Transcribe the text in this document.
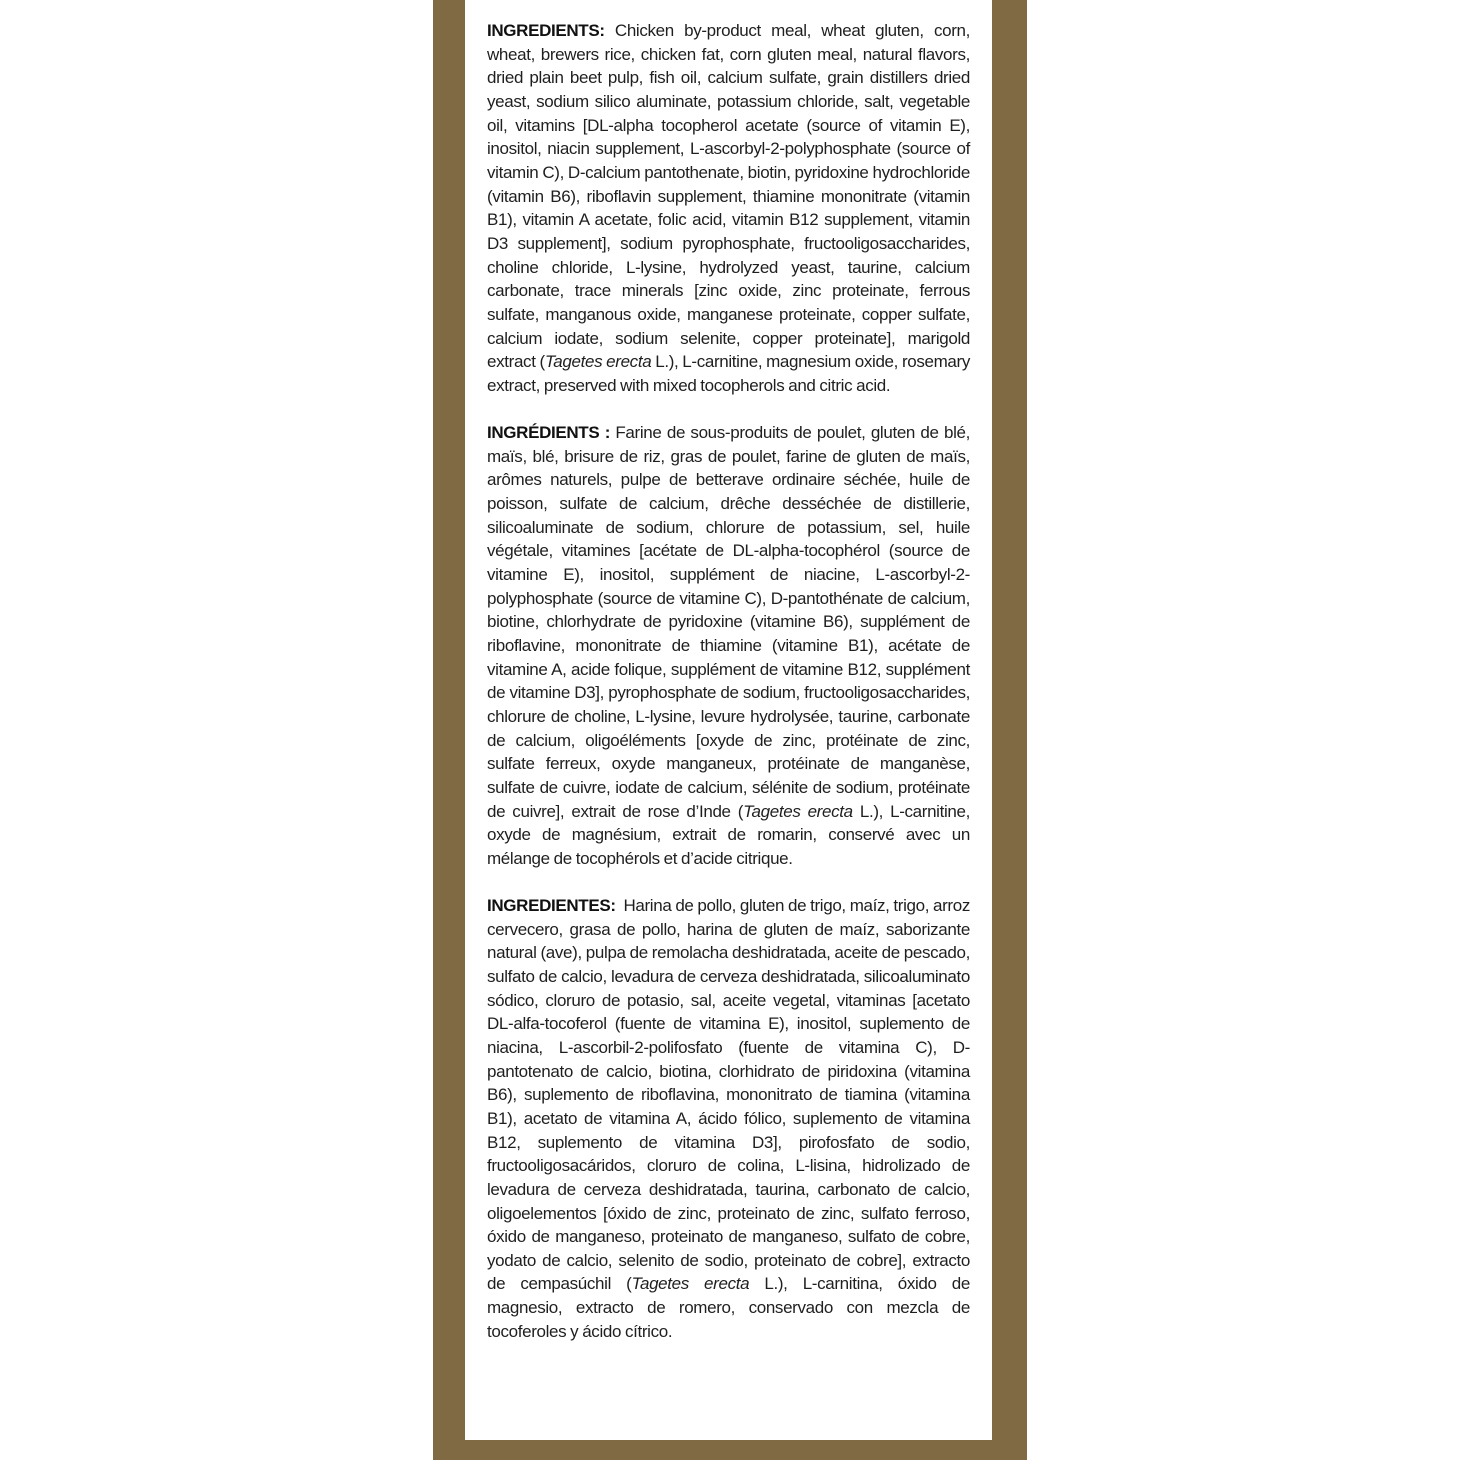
INGREDIENTS: Chicken by-product meal, wheat gluten, corn, wheat, brewers rice, chicken fat, corn gluten meal, natural flavors, dried plain beet pulp, fish oil, calcium sulfate, grain distillers dried yeast, sodium silico aluminate, potassium chloride, salt, vegetable oil, vitamins [DL-alpha tocopherol acetate (source of vitamin E), inositol, niacin supplement, L-ascorbyl-2-polyphosphate (source of vitamin C), D-calcium pantothenate, biotin, pyridoxine hydrochloride (vitamin B6), riboflavin supplement, thiamine mononitrate (vitamin B1), vitamin A acetate, folic acid, vitamin B12 supplement, vitamin D3 supplement], sodium pyrophosphate, fructooligosaccharides, choline chloride, L-lysine, hydrolyzed yeast, taurine, calcium carbonate, trace minerals [zinc oxide, zinc proteinate, ferrous sulfate, manganous oxide, manganese proteinate, copper sulfate, calcium iodate, sodium selenite, copper proteinate], marigold extract (Tagetes erecta L.), L-carnitine, magnesium oxide, rosemary extract, preserved with mixed tocopherols and citric acid.

INGRÉDIENTS : Farine de sous-produits de poulet, gluten de blé, maïs, blé, brisure de riz, gras de poulet, farine de gluten de maïs, arômes naturels, pulpe de betterave ordinaire séchée, huile de poisson, sulfate de calcium, drêche desséchée de distillerie, silicoaluminate de sodium, chlorure de potassium, sel, huile végétale, vitamines [acétate de DL-alpha-tocophérol (source de vitamine E), inositol, supplément de niacine, L-ascorbyl-2-polyphosphate (source de vitamine C), D-pantothénate de calcium, biotine, chlorhydrate de pyridoxine (vitamine B6), supplément de riboflavine, mononitrate de thiamine (vitamine B1), acétate de vitamine A, acide folique, supplément de vitamine B12, supplément de vitamine D3], pyrophosphate de sodium, fructooligosaccharides, chlorure de choline, L-lysine, levure hydrolysée, taurine, carbonate de calcium, oligoéléments [oxyde de zinc, protéinate de zinc, sulfate ferreux, oxyde manganeux, protéinate de manganèse, sulfate de cuivre, iodate de calcium, sélénite de sodium, protéinate de cuivre], extrait de rose d’Inde (Tagetes erecta L.), L-carnitine, oxyde de magnésium, extrait de romarin, conservé avec un mélange de tocophérols et d’acide citrique.

INGREDIENTES:  Harina de pollo, gluten de trigo, maíz, trigo, arroz cervecero, grasa de pollo, harina de gluten de maíz, saborizante natural (ave), pulpa de remolacha deshidratada, aceite de pescado, sulfato de calcio, levadura de cerveza deshidratada, silicoaluminato sódico, cloruro de potasio, sal, aceite vegetal, vitaminas [acetato DL-alfa-tocoferol (fuente de vitamina E), inositol, suplemento de niacina, L-ascorbil-2-polifosfato (fuente de vitamina C), D-pantotenato de calcio, biotina, clorhidrato de piridoxina (vitamina B6), suplemento de riboflavina, mononitrato de tiamina (vitamina B1), acetato de vitamina A, ácido fólico, suplemento de vitamina B12, suplemento de vitamina D3], pirofosfato de sodio, fructooligosacáridos, cloruro de colina, L-lisina, hidrolizado de levadura de cerveza deshidratada, taurina, carbonato de calcio, oligoelementos [óxido de zinc, proteinato de zinc, sulfato ferroso, óxido de manganeso, proteinato de manganeso, sulfato de cobre, yodato de calcio, selenito de sodio, proteinato de cobre], extracto de cempasúchil (Tagetes erecta L.), L-carnitina, óxido de magnesio, extracto de romero, conservado con mezcla de tocoferoles y ácido cítrico.
